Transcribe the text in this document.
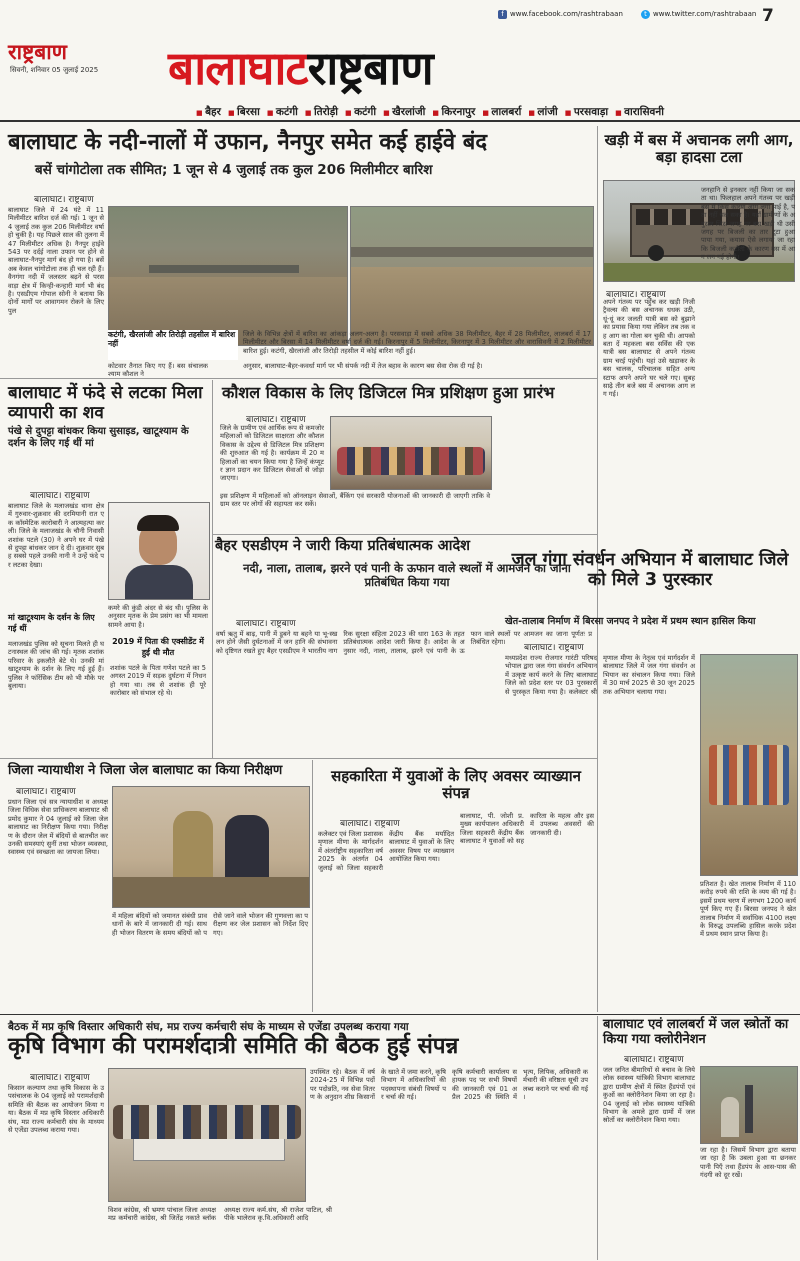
f www.facebook.com/rashtrabaan	t www.twitter.com/rashtrabaan 7
राष्ट्रबाण
सिवनी, शनिवार 05 जुलाई 2025 बालाघाटराष्ट्रबाण
■ बैहर ■ बिरसा ■ कटंगी ■ तिरोड़ी ■ कटंगी ■ खैरलांजी ■ किरनापुर ■ लालबर्रा ■ लांजी ■ परसवाड़ा ■ वारासिवनी
बालाघाट के नदी-नालों में उफान, नैनपुर समेत कई हाईवे बंद
बसें चांगोटोला तक सीमित; 1 जून से 4 जुलाई तक कुल 206 मिलीमीटर बारिश
बालाघाट। राष्ट्रबाण
बालाघाट जिले में 24 घंटे में 11 मिलीमीटर बारिश दर्ज की गई। 1 जून से 4 जुलाई तक कुल 206 मिलीमीटर वर्षा हो चुकी है। यह पिछले साल की तुलना में 47 मिलीमीटर अधिक है। नैनपुर हाईवे 543 पर दर्दई नाला उफान पर होने से बालाघाट-नैनपुर मार्ग बंद हो गया है। बसें अब केवल चांगोटोला तक ही चल रही हैं। वैनगंगा नदी में जलस्तर बढ़ने से परसवाड़ा क्षेत्र में किन्ही-कन्हारी मार्ग भी बंद है। एसडीएम गोपाल सोनी ने बताया कि दोनों मार्गों पर आवागमन रोकने के लिए पुल
कटंगी, खैरलांजी और तिरोड़ी तहसील में बारिश नहीं
कोटवार तैनात किए गए हैं। बस संचालक श्याम कौशल ने
जिले के विभिन्न क्षेत्रों में बारिश का आंकड़ा अलग-अलग है। परसवाड़ा में सबसे अधिक 38 मिलीमीटर, बैहर में 28 मिलीमीटर, लालबर्रा में 17 मिलीमीटर और बिरसा में 14 मिलीमीटर वर्षा दर्ज की गई। किरनापुर में 5 मिलीमीटर, किरनापुर में 3 मिलीमीटर और वारासिवनी में 2 मिलीमीटर बारिश हुई। कटंगी, खैरलांजी और तिरोड़ी तहसील में कोई बारिश नहीं हुई।
अनुसार, बालाघाट-बैहर-कवर्धा मार्ग पर भी संपर्क नदी में तेज बहाव के कारण बस सेवा रोक दी गई है।
खड़ी में बस में अचानक लगी आग, बड़ा हादसा टला
बालाघाट। राष्ट्रबाण
अपने गंतव्य पर पहुँच कर खड़ी निजी ट्रैवल्स की बस अचानक धधक उठी, धूं-धूं कर जलती यात्री बस को बुझाने का प्रयास किया गया लेकिन तब तक वह आग का गोला बन चुकी थी। आपको बता दें महकला बस सर्विस की एक यात्री बस बालाघाट से अपने गंतव्य ग्राम चरई पहुंची। यहां उसे खड़ाकर के बस चालक, परिचालक सहित अन्य स्टाफ अपने अपने घर चले गए। सुबह साढ़े तीन बजे बस में अचानक आग लग गई।
जनहानि से इनकार नहीं किया जा सकता था। फिलहाल अपने गंतव्य पर खड़ी बस में किस कारण आग लगा पाई है, पता नहीं चल सका है। यहाँ ग्रामीणों के अनुसार जिस जगह पर बस खड़ी थी उसी जगह पर बिजली का तार टूटा हुआ पाया गया, कयास ऐसे लगाया जा रहा कि बिजली कटौती के कारण बस में आग लग गई होगी।
बालाघाट में फंदे से लटका मिला व्यापारी का शव
पंखे से दुपट्टा बांधकर किया सुसाइड, खाटूश्याम के दर्शन के लिए गई थीं मां
बालाघाट। राष्ट्रबाण
बालाघाट जिले के मलाजखंड थाना क्षेत्र में गुरुवार-शुक्रवार की दरमियानी रात एक कॉस्मेटिक कारोबारी ने आत्महत्या कर ली। जिले के मलाजखंड के चौनी निवासी शशांक पटले (30) ने अपने घर में पंखे से दुपट्टा बांधकर जान दे दी। शुक्रवार सुबह सबसे पहले उनकी नानी ने उन्हें फंदे पर लटका देखा।
कमरे की कुंडी अंदर से बंद थी। पुलिस के अनुसार मृतक के प्रेम प्रसंग का भी मामला सामने आया है।
मां खाटूश्याम के दर्शन के लिए गई थीं
मलाजखंड पुलिस को सूचना मिलते ही घटनास्थल की जांच की गई। मृतक शशांक परिवार के इकलौते बेटे थे। उनकी मां खाटूश्याम के दर्शन के लिए गई हुई हैं। पुलिस ने फॉरेंसिक टीम को भी मौके पर बुलाया।
2019 में पिता की एक्सीडेंट में हुई थी मौत
शशांक पटले के पिता गणेश पटले का 5 अगस्त 2019 में सड़क दुर्घटना में निधन हो गया था। तब से शशांक ही पूरे कारोबार को संभाल रहे थे।
कौशल विकास के लिए डिजिटल मित्र प्रशिक्षण हुआ प्रारंभ
बालाघाट। राष्ट्रबाण
जिले के ग्रामीण एवं आर्थिक रूप से कमजोर महिलाओं को डिजिटल साक्षरता और कौशल विकास के उद्देश्य से डिजिटल मित्र प्रशिक्षण की शुरुआत की गई है। कार्यक्रम में 20 महिलाओं का चयन किया गया है जिन्हें कंप्यूटर ज्ञान प्रदान कर डिजिटल सेवाओं से जोड़ा जाएगा।
इस प्रशिक्षण में महिलाओं को ऑनलाइन सेवाओं, बैंकिंग एवं सरकारी योजनाओं की जानकारी दी जाएगी ताकि वे ग्राम स्तर पर लोगों की सहायता कर सकें।
बैहर एसडीएम ने जारी किया प्रतिबंधात्मक आदेश
नदी, नाला, तालाब, झरने एवं पानी के ऊफान वाले स्थलों में आमजन का जाना प्रतिबंधित किया गया
बालाघाट। राष्ट्रबाण
वर्षा ऋतु में बाढ़, पानी में डूबने या बहने या भू-स्खलन होने जैसी दुर्घटनाओं में जन हानि की संभावना को दृष्टिगत रखते हुए बैहर एसडीएम ने भारतीय नागरिक सुरक्षा संहिता 2023 की धारा 163 के तहत प्रतिबंधात्मक आदेश जारी किया है। आदेश के अनुसार नदी, नाला, तालाब, झरने एवं पानी के ऊफान वाले स्थलों पर आमजन का जाना पूर्णतः प्रतिबंधित रहेगा।
जिला न्यायाधीश ने जिला जेल बालाघाट का किया निरीक्षण
बालाघाट। राष्ट्रबाण
प्रधान जिला एवं सत्र न्यायाधीश व अध्यक्ष जिला विधिक सेवा प्राधिकरण बालाघाट श्री प्रमोद कुमार ने 04 जुलाई को जिला जेल बालाघाट का निरीक्षण किया गया। निरीक्षण के दौरान जेल में बंदियों से बातचीत कर उनकी समस्याएं सुनीं तथा भोजन व्यवस्था, स्वास्थ्य एवं स्वच्छता का जायजा लिया।
में महिला बंदियों को जमानत संबंधी प्रावधानों के बारे में जानकारी दी गई। साथ ही भोजन वितरण के समय बंदियों को परोसे जाने वाले भोजन की गुणवत्ता का परीक्षण कर जेल प्रशासन को निर्देश दिए गए।
सहकारिता में युवाओं के लिए अवसर व्याख्यान संपन्न
बालाघाट। राष्ट्रबाण
कलेक्टर एवं जिला प्रशासक मृणाल मीणा के मार्गदर्शन में अंतर्राष्ट्रीय सहकारिता वर्ष 2025 के अंतर्गत 04 जुलाई को जिला सहकारी केंद्रीय बैंक मर्यादित बालाघाट में युवाओं के लिए अवसर विषय पर व्याख्यान आयोजित किया गया।
बालाघाट, पी. जोशी प्र. मुख्य कार्यपालन अधिकारी जिला सहकारी केंद्रीय बैंक बालाघाट ने युवाओं को सहकारिता के महत्व और इसमें उपलब्ध अवसरों की जानकारी दी।
जल गंगा संवर्धन अभियान में बालाघाट जिले को मिले 3 पुरस्कार
खेत-तालाब निर्माण में बिरसा जनपद ने प्रदेश में प्रथम स्थान हासिल किया
बालाघाट। राष्ट्रबाण
मध्यप्रदेश राज्य रोजगार गारंटी परिषद भोपाल द्वारा जल गंगा संवर्धन अभियान में उत्कृष्ट कार्य करने के लिए बालाघाट जिले को प्रदेश स्तर पर 03 पुरस्कारों से पुरस्कृत किया गया है। कलेक्टर श्री मृणाल मीणा के नेतृत्व एवं मार्गदर्शन में बालाघाट जिले में जल गंगा संवर्धन अभियान का संचालन किया गया। जिले में 30 मार्च 2025 से 30 जून 2025 तक अभियान चलाया गया।
प्रतिशत है। खेत तालाब निर्माण में 110 करोड़ रुपये की राशि के व्यय की गई है। इसमें प्रथम चरण में लगभग 1200 कार्य पूर्ण किए गए हैं। बिरसा जनपद ने खेत तालाब निर्माण में सर्वाधिक 4100 लक्ष्य के विरुद्ध उपलब्धि हासिल करके प्रदेश में प्रथम स्थान प्राप्त किया है।
बैठक में मप्र कृषि विस्तार अधिकारी संघ, मप्र राज्य कर्मचारी संघ के माध्यम से एजेंडा उपलब्ध कराया गया
कृषि विभाग की परामर्शदात्री समिति की बैठक हुई संपन्न
बालाघाट। राष्ट्रबाण
किसान कल्याण तथा कृषि विकास के उपसंचालक के 04 जुलाई को परामर्शदात्री समिति की बैठक का आयोजन किया गया। बैठक में मप्र कृषि विस्तार अधिकारी संघ, मप्र राज्य कर्मचारी संघ के माध्यम से एजेंडा उपलब्ध कराया गया।
विशव कांग्रेस, श्री भ्रमण पांचाल जिला अध्यक्ष मप्र कर्मचारी कांग्रेस, श्री जितेंद्र नकाते ब्लॉक अध्यक्ष राज्य कर्म.संघ, श्री राजेश पाटिल, श्री पीके भालेराव कृ.वि.अधिकारी आदि
उपस्थित रहे। बैठक में वर्ष 2024-25 में विभिन्न पदों पर पदोन्नति, नव सेवा वितरण के अनुदान शीघ्र किसानों के खाते में जमा करने, कृषि विभाग में अधिकारियों की पदस्थापना संबंधी विषयों पर चर्चा की गई।
कृषि कर्मचारी कार्यालय सहायक पद पर सभी विषयों की जानकारी एवं 01 अप्रैल 2025 की स्थिति में भृत्य, लिपिक, अधिकारी कर्मचारी की वरिष्ठता सूची उपलब्ध कराने पर चर्चा की गई।
बालाघाट एवं लालबर्रा में जल स्त्रोतों का किया गया क्लोरीनेशन
बालाघाट। राष्ट्रबाण
जल जनित बीमारियों से बचाव के लिये लोक स्वास्थ्य यांत्रिकी विभाग बालाघाट द्वारा ग्रामीण क्षेत्रों में स्थित हैंडपंपों एवं कुओं का क्लोरीनेशन किया जा रहा है। 04 जुलाई को लोक स्वास्थ्य यांत्रिकी विभाग के अमले द्वारा ग्रामों में जल स्रोतों का क्लोरीनेशन किया गया।
जा रहा है। जिसमें विभाग द्वारा बताया जा रहा है कि उबला हुआ या छनकर पानी पिएँ तथा हैंडपंप के आस-पास की गंदगी को दूर रखें।
